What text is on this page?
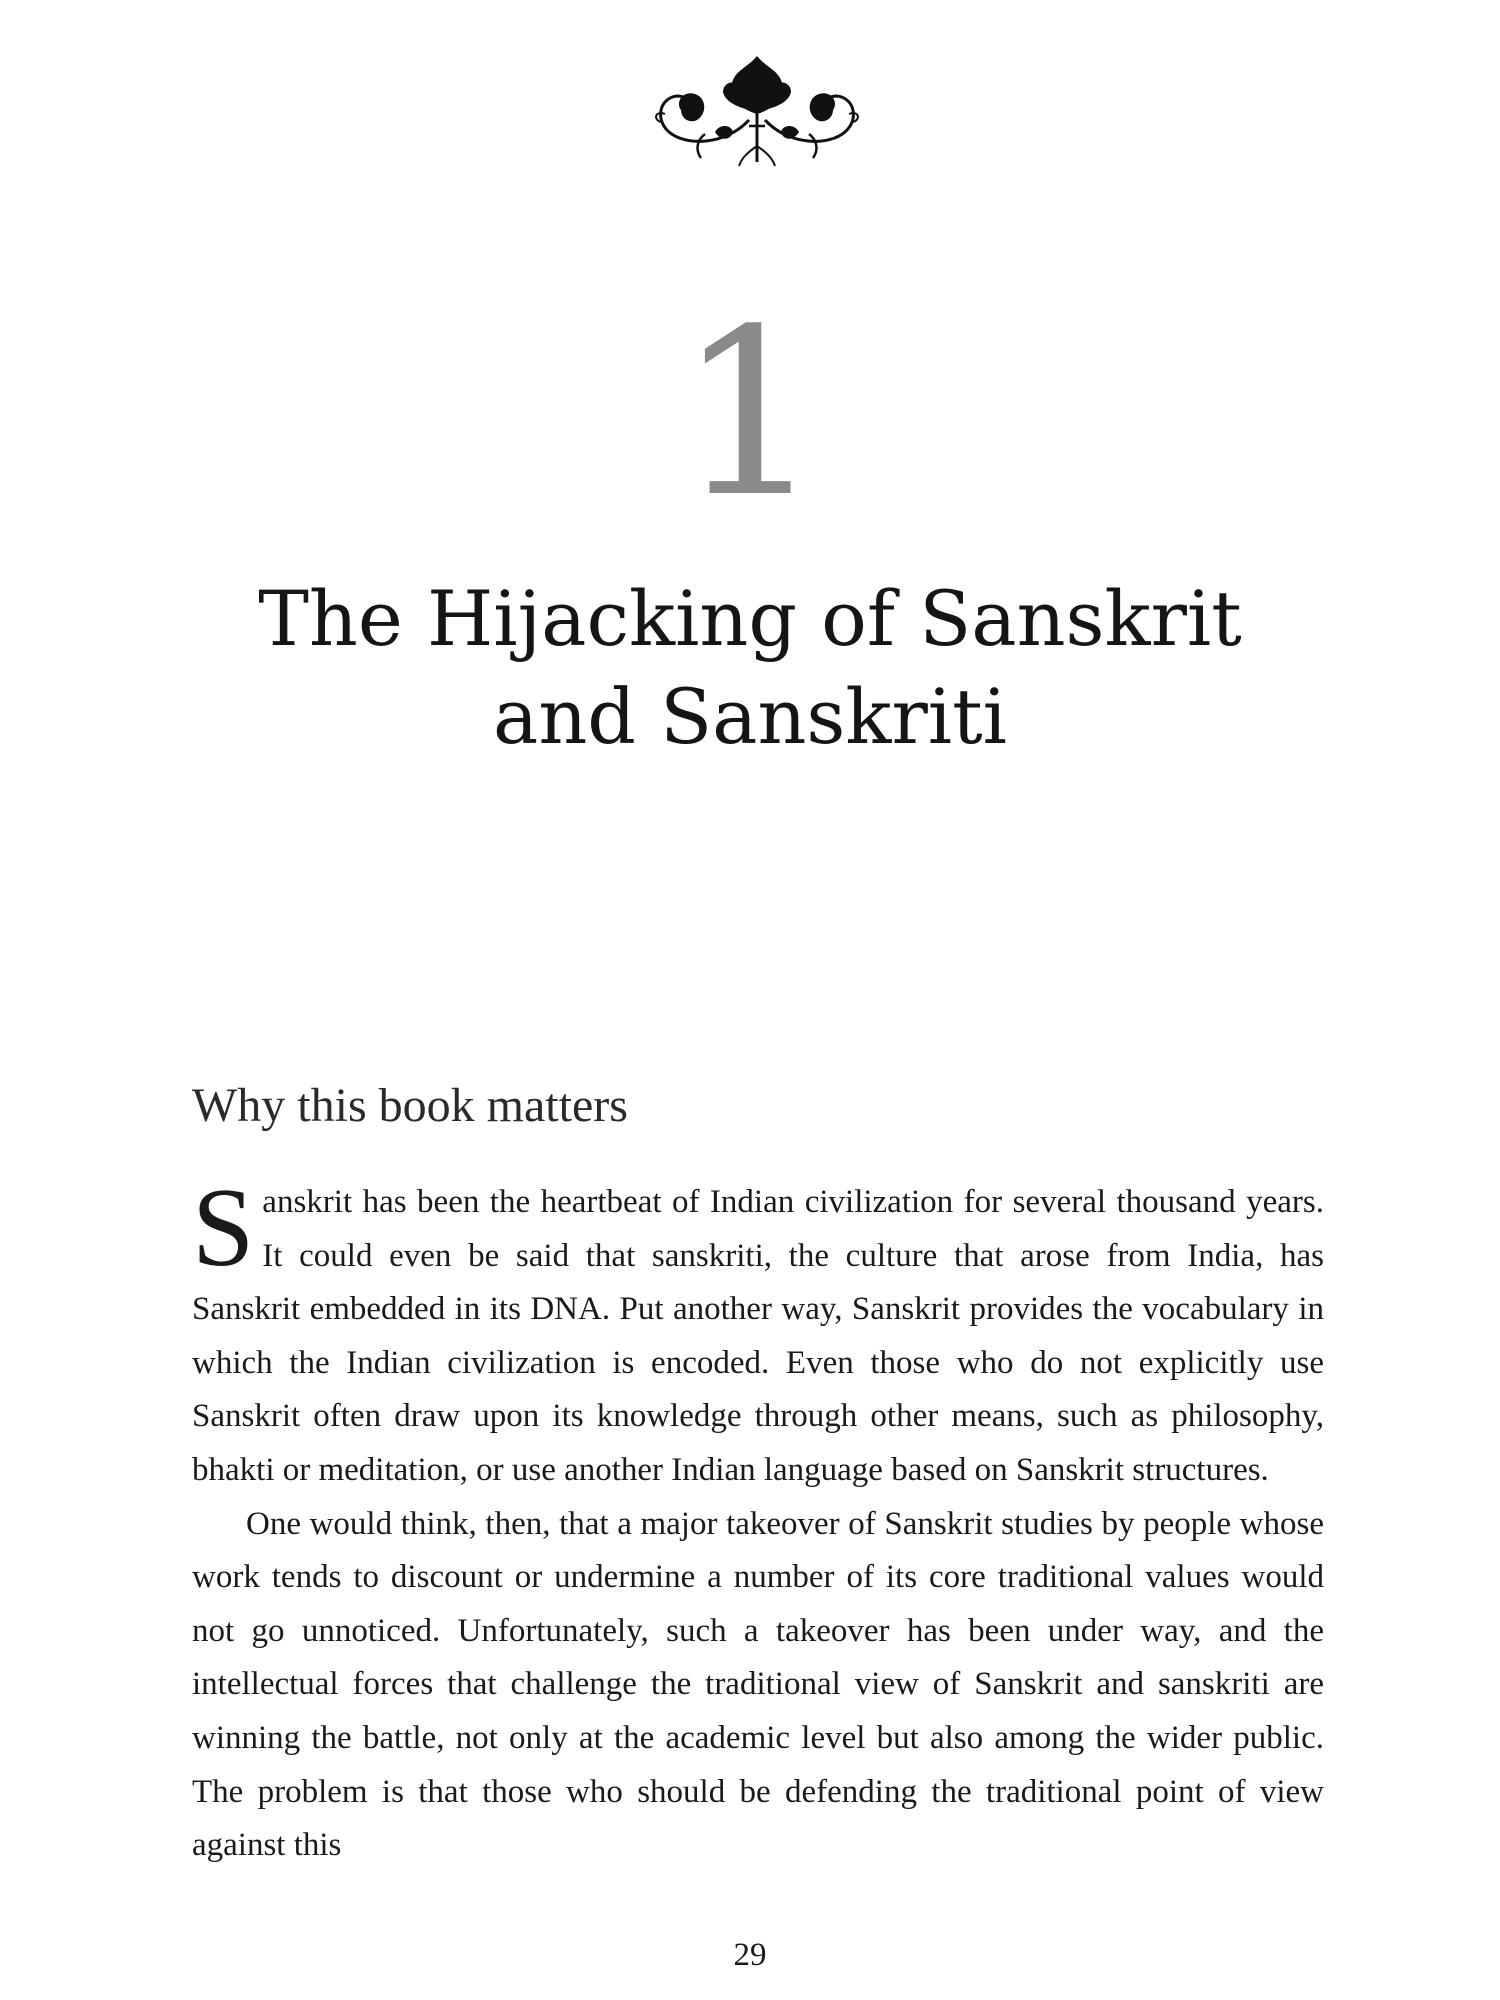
1
The Hijacking of Sanskrit
and Sanskriti
Why this book matters

Sanskrit has been the heartbeat of Indian civilization for several thousand years. It could even be said that sanskriti, the culture that arose from India, has Sanskrit embedded in its DNA. Put another way, Sanskrit provides the vocabulary in which the Indian civilization is encoded. Even those who do not explicitly use Sanskrit often draw upon its knowledge through other means, such as philosophy, bhakti or meditation, or use another Indian language based on Sanskrit structures.

One would think, then, that a major takeover of Sanskrit studies by people whose work tends to discount or undermine a number of its core traditional values would not go unnoticed. Unfortunately, such a takeover has been under way, and the intellectual forces that challenge the traditional view of Sanskrit and sanskriti are winning the battle, not only at the academic level but also among the wider public. The problem is that those who should be defending the traditional point of view against this

29
